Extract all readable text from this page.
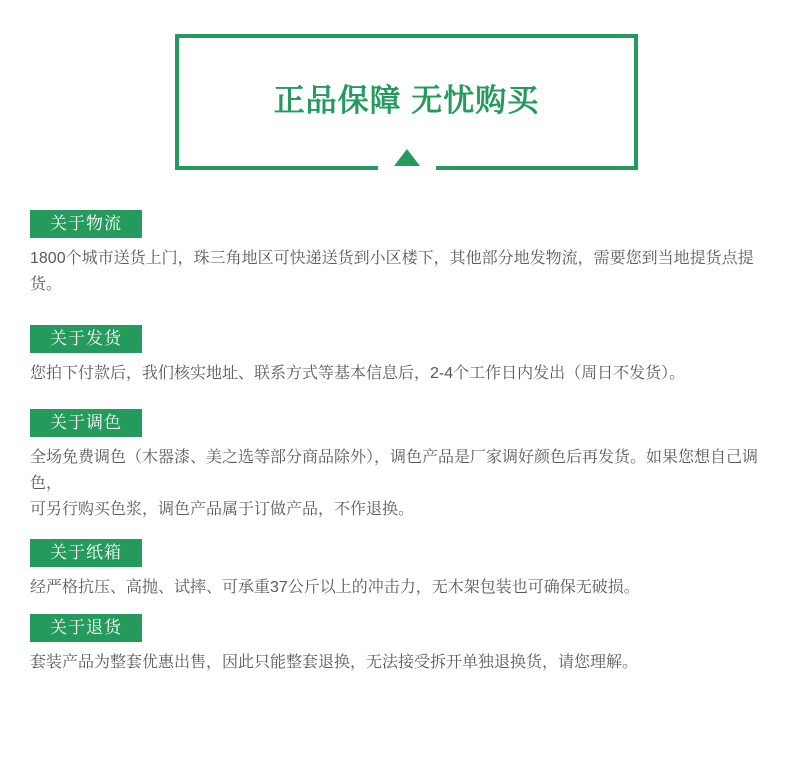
正品保障 无忧购买
关于物流
1800个城市送货上门，珠三角地区可快递送货到小区楼下，其他部分地发物流，需要您到当地提货点提货。
关于发货
您拍下付款后，我们核实地址、联系方式等基本信息后，2-4个工作日内发出（周日不发货）。
关于调色
全场免费调色（木器漆、美之选等部分商品除外），调色产品是厂家调好颜色后再发货。如果您想自己调色，
可另行购买色浆，调色产品属于订做产品，不作退换。
关于纸箱
经严格抗压、高抛、试摔、可承重37公斤以上的冲击力，无木架包装也可确保无破损。
关于退货
套装产品为整套优惠出售，因此只能整套退换，无法接受拆开单独退换货，请您理解。
